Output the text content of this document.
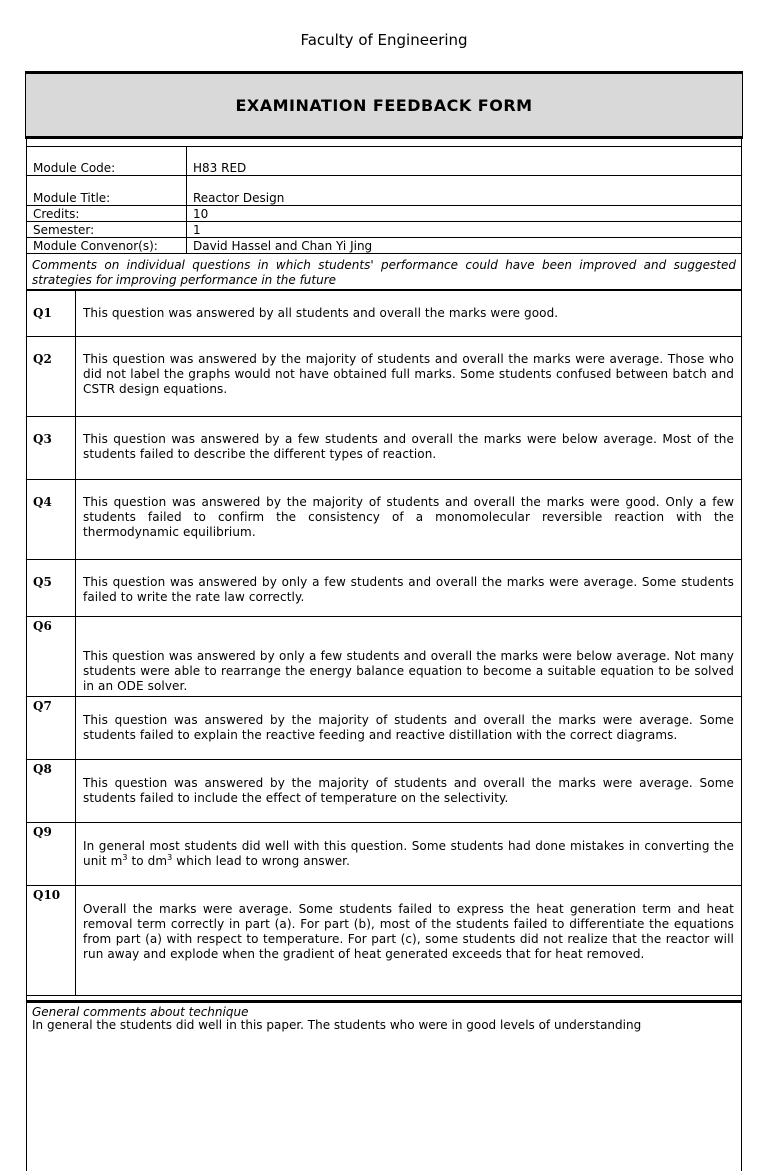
Faculty of Engineering
EXAMINATION FEEDBACK FORM
Module Code:	H83 RED
Module Title:	Reactor Design
Credits:	10
Semester:	1
Module Convenor(s):	David Hassel and Chan Yi Jing
Comments on individual questions in which students' performance could have been improved and suggested strategies for improving performance in the future
Q1	This question was answered by all students and overall the marks were good.
Q2	This question was answered by the majority of students and overall the marks were average. Those who did not label the graphs would not have obtained full marks. Some students confused between batch and CSTR design equations.
Q3	This question was answered by a few students and overall the marks were below average. Most of the students failed to describe the different types of reaction.
Q4	This question was answered by the majority of students and overall the marks were good. Only a few students failed to confirm the consistency of a monomolecular reversible reaction with the thermodynamic equilibrium.
Q5	This question was answered by only a few students and overall the marks were average. Some students failed to write the rate law correctly.
Q6	This question was answered by only a few students and overall the marks were below average. Not many students were able to rearrange the energy balance equation to become a suitable equation to be solved in an ODE solver.
Q7	This question was answered by the majority of students and overall the marks were average. Some students failed to explain the reactive feeding and reactive distillation with the correct diagrams.
Q8	This question was answered by the majority of students and overall the marks were average. Some students failed to include the effect of temperature on the selectivity.
Q9	In general most students did well with this question. Some students had done mistakes in converting the unit $m^3$ to $dm^3$ which lead to wrong answer.
Q10	Overall the marks were average. Some students failed to express the heat generation term and heat removal term correctly in part (a). For part (b), most of the students failed to differentiate the equations from part (a) with respect to temperature. For part (c), some students did not realize that the reactor will run away and explode when the gradient of heat generated exceeds that for heat removed.
General comments about technique
In general the students did well in this paper. The students who were in good levels of understanding
